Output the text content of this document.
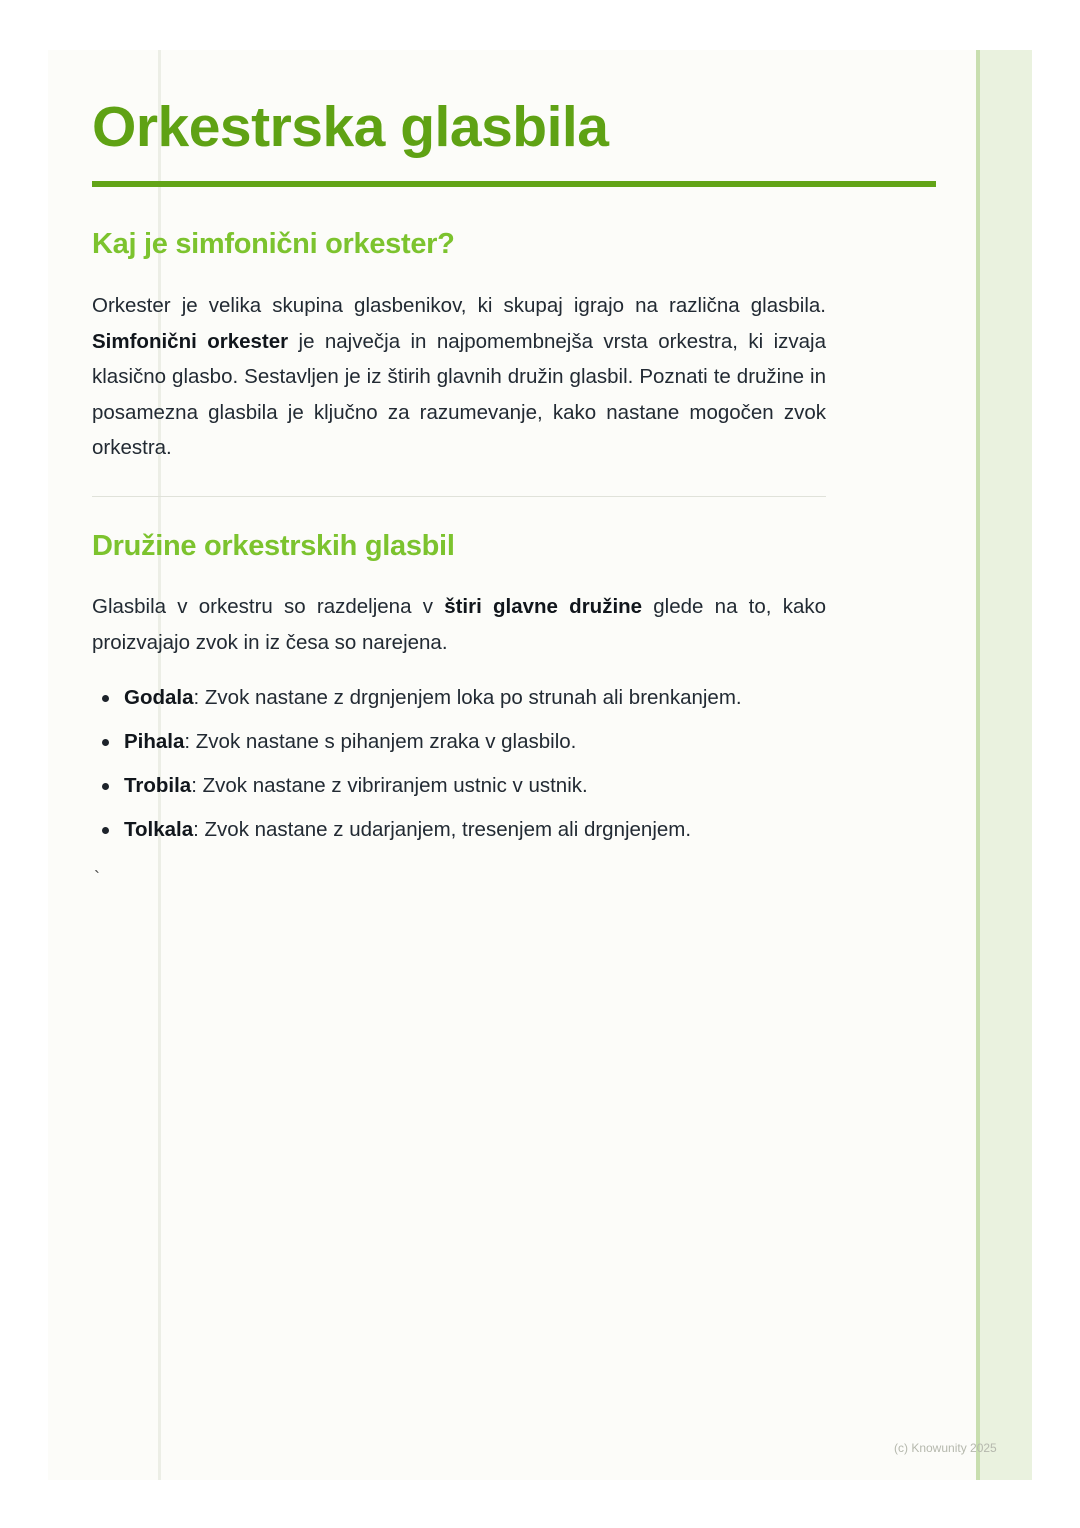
Orkestrska glasbila
Kaj je simfonični orkester?

Orkester je velika skupina glasbenikov, ki skupaj igrajo na različna glasbila. Simfonični orkester je največja in najpomembnejša vrsta orkestra, ki izvaja klasično glasbo. Sestavljen je iz štirih glavnih družin glasbil. Poznati te družine in posamezna glasbila je ključno za razumevanje, kako nastane mogočen zvok orkestra.

Družine orkestrskih glasbil

Glasbila v orkestru so razdeljena v štiri glavne družine glede na to, kako proizvajajo zvok in iz česa so narejena.

Godala: Zvok nastane z drgnjenjem loka po strunah ali brenkanjem.
Pihala: Zvok nastane s pihanjem zraka v glasbilo.
Trobila: Zvok nastane z vibriranjem ustnic v ustnik.
Tolkala: Zvok nastane z udarjanjem, tresenjem ali drgnjenjem.
`
(c) Knowunity 2025
